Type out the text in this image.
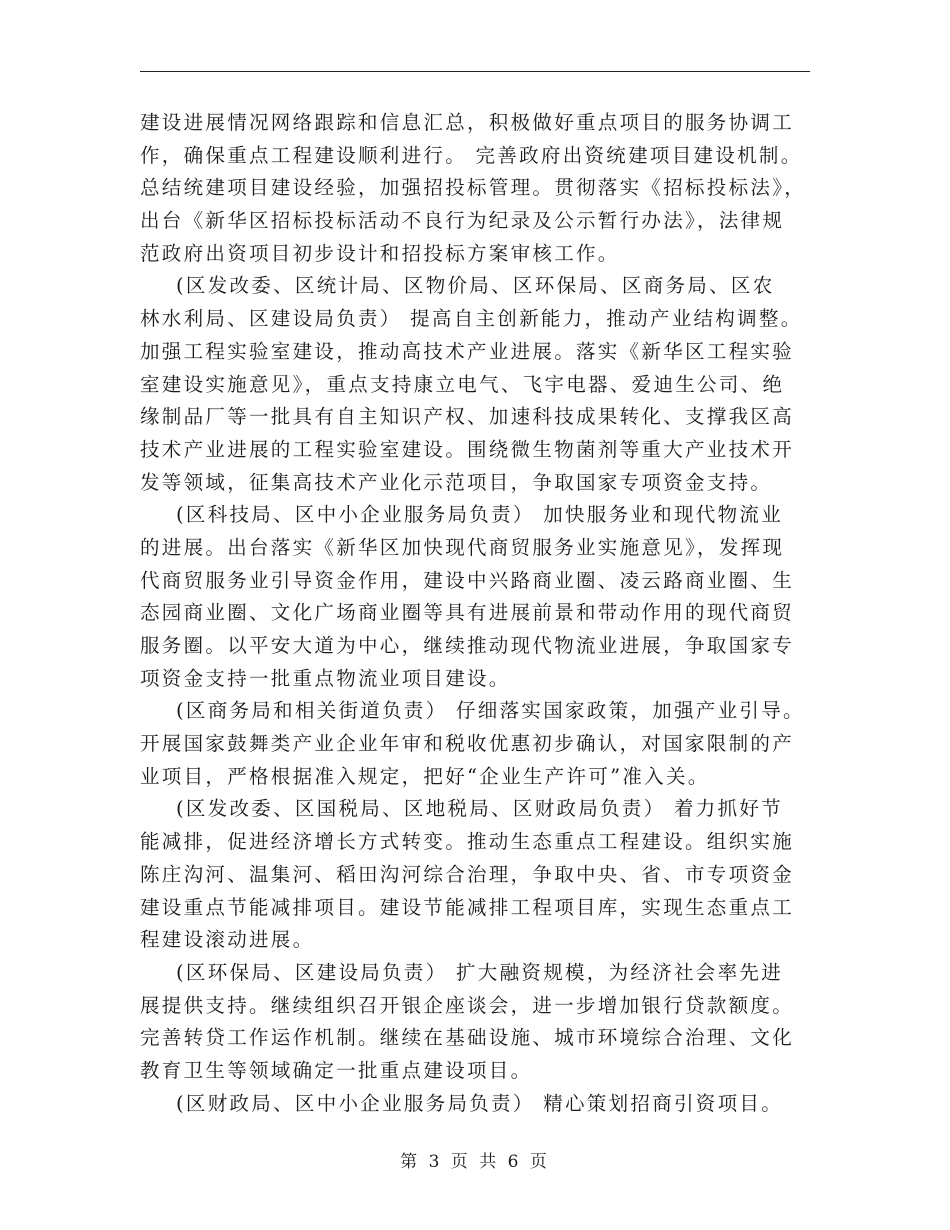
建设进展情况网络跟踪和信息汇总，积极做好重点项目的服务协调工
作，确保重点工程建设顺利进行。 完善政府出资统建项目建设机制。
总结统建项目建设经验，加强招投标管理。贯彻落实《招标投标法》，
出台《新华区招标投标活动不良行为纪录及公示暂行办法》，法律规
范政府出资项目初步设计和招投标方案审核工作。
(区发改委、区统计局、区物价局、区环保局、区商务局、区农
林水利局、区建设局负责） 提高自主创新能力，推动产业结构调整。
加强工程实验室建设，推动高技术产业进展。落实《新华区工程实验
室建设实施意见》，重点支持康立电气、飞宇电器、爱迪生公司、绝
缘制品厂等一批具有自主知识产权、加速科技成果转化、支撑我区高
技术产业进展的工程实验室建设。围绕微生物菌剂等重大产业技术开
发等领域，征集高技术产业化示范项目，争取国家专项资金支持。
(区科技局、区中小企业服务局负责） 加快服务业和现代物流业
的进展。出台落实《新华区加快现代商贸服务业实施意见》，发挥现
代商贸服务业引导资金作用，建设中兴路商业圈、凌云路商业圈、生
态园商业圈、文化广场商业圈等具有进展前景和带动作用的现代商贸
服务圈。以平安大道为中心，继续推动现代物流业进展，争取国家专
项资金支持一批重点物流业项目建设。
(区商务局和相关街道负责） 仔细落实国家政策，加强产业引导。
开展国家鼓舞类产业企业年审和税收优惠初步确认，对国家限制的产
业项目，严格根据准入规定，把好“企业生产许可”准入关。
(区发改委、区国税局、区地税局、区财政局负责） 着力抓好节
能减排，促进经济增长方式转变。推动生态重点工程建设。组织实施
陈庄沟河、温集河、稻田沟河综合治理，争取中央、省、市专项资金
建设重点节能减排项目。建设节能减排工程项目库，实现生态重点工
程建设滚动进展。
(区环保局、区建设局负责） 扩大融资规模，为经济社会率先进
展提供支持。继续组织召开银企座谈会，进一步增加银行贷款额度。
完善转贷工作运作机制。继续在基础设施、城市环境综合治理、文化
教育卫生等领域确定一批重点建设项目。
(区财政局、区中小企业服务局负责） 精心策划招商引资项目。
第 3 页 共 6 页
